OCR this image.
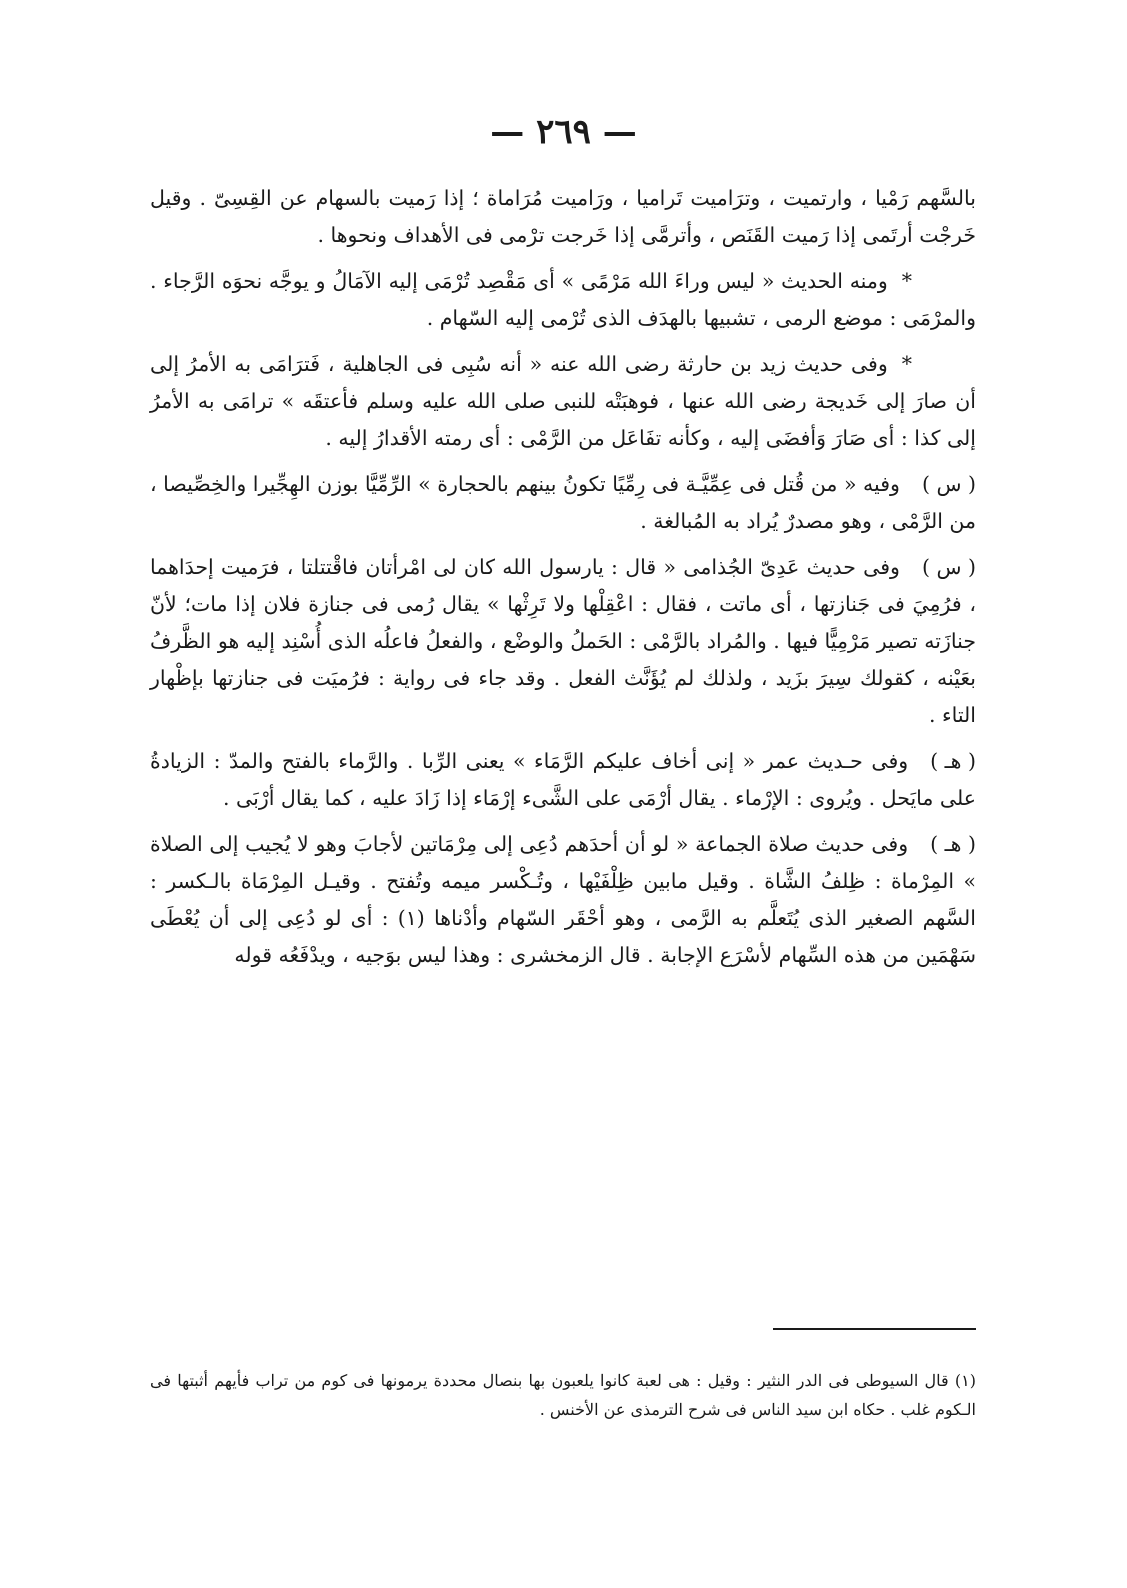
— ٢٦٩ —

بالسَّهم رَمْيا ، وارتميت ، وترَاميت تَراميا ، ورَاميت مُرَاماة ؛ إذا رَميت بالسهام عن القِسِىّ . وقيل خَرجْت أرتَمى إذا رَميت القَنَص ، وأترمَّى إذا خَرجت ترْمى فى الأهداف ونحوها .

*ومنه الحديث « ليس وراءَ الله مَرْمًى » أى مَقْصِد تُرْمَى إليه الآمَالُ و يوجَّه نحوَه الرَّجاء . والمرْمَى : موضع الرمى ، تشبيها بالهدَف الذى تُرْمى إليه السّهام .

*وفى حديث زيد بن حارثة رضى الله عنه « أنه سُبِى فى الجاهلية ، فَترَامَى به الأمرُ إلى أن صارَ إلى خَديجة رضى الله عنها ، فوهبَتْه للنبى صلى الله عليه وسلم فأعتقَه » ترامَى به الأمرُ إلى كذا : أى صَارَ وَأفضَى إليه ، وكأنه تفَاعَل من الرَّمْى : أى رمته الأقدارُ إليه .

( س )وفيه « من قُتل فى عِمِّيَّـة فى رِمِّيًا تكونُ بينهم بالحجارة » الرِّمِّيَّا بوزن الهِجِّيرا والخِصِّيصا ، من الرَّمْى ، وهو مصدرٌ يُراد به المُبالغة .

( س )وفى حديث عَدِىّ الجُذامى « قال : يارسول الله كان لى امْرأتان فاقْتتلتا ، فرَميت إحدَاهما ، فرُمِيَ فى جَنازتها ، أى ماتت ، فقال : اعْقِلْها ولا تَرِثْها » يقال رُمى فى جنازة فلان إذا مات؛ لأنّ جنازَته تصير مَرْمِيًّا فيها . والمُراد بالرَّمْى : الحَملُ والوضْع ، والفعلُ فاعلُه الذى أُسْنِد إليه هو الظَّرفُ بعَيْنه ، كقولك سِيرَ بزَيد ، ولذلك لم يُؤَنَّث الفعل . وقد جاء فى رواية : فرُميَت فى جنازتها بإظْهار التاء .

( هـ )وفى حـديث عمر « إنى أخاف عليكم الرَّمَاء » يعنى الرِّبا . والرَّماء بالفتح والمدّ : الزيادةُ على مايَحل . ويُروى : الإرْماء . يقال أرْمَى على الشَّىء إرْمَاء إذا زَادَ عليه ، كما يقال أرْبَى .

( هـ )وفى حديث صلاة الجماعة « لو أن أحدَهم دُعِى إلى مِرْمَاتين لأجابَ وهو لا يُجيب إلى الصلاة » المِرْماة : ظِلفُ الشَّاة . وقيل مابين ظِلْفَيْها ، وتُـكْسر ميمه وتُفتح . وقيـل المِرْمَاة بالـكسر : السَّهم الصغير الذى يُتَعلَّم به الرَّمى ، وهو أحْقَر السّهام وأدْناها (١) : أى لو دُعِى إلى أن يُعْطَى سَهْمَين من هذه السِّهام لأسْرَع الإجابة . قال الزمخشرى : وهذا ليس بوَجيه ، ويدْفَعُه قوله

(١) قال السيوطى فى الدر النثير : وقيل : هى لعبة كانوا يلعبون بها بنصال محددة يرمونها فى كوم من تراب فأيهم أثبتها فى الـكوم غلب . حكاه ابن سيد الناس فى شرح الترمذى عن الأخنس .
